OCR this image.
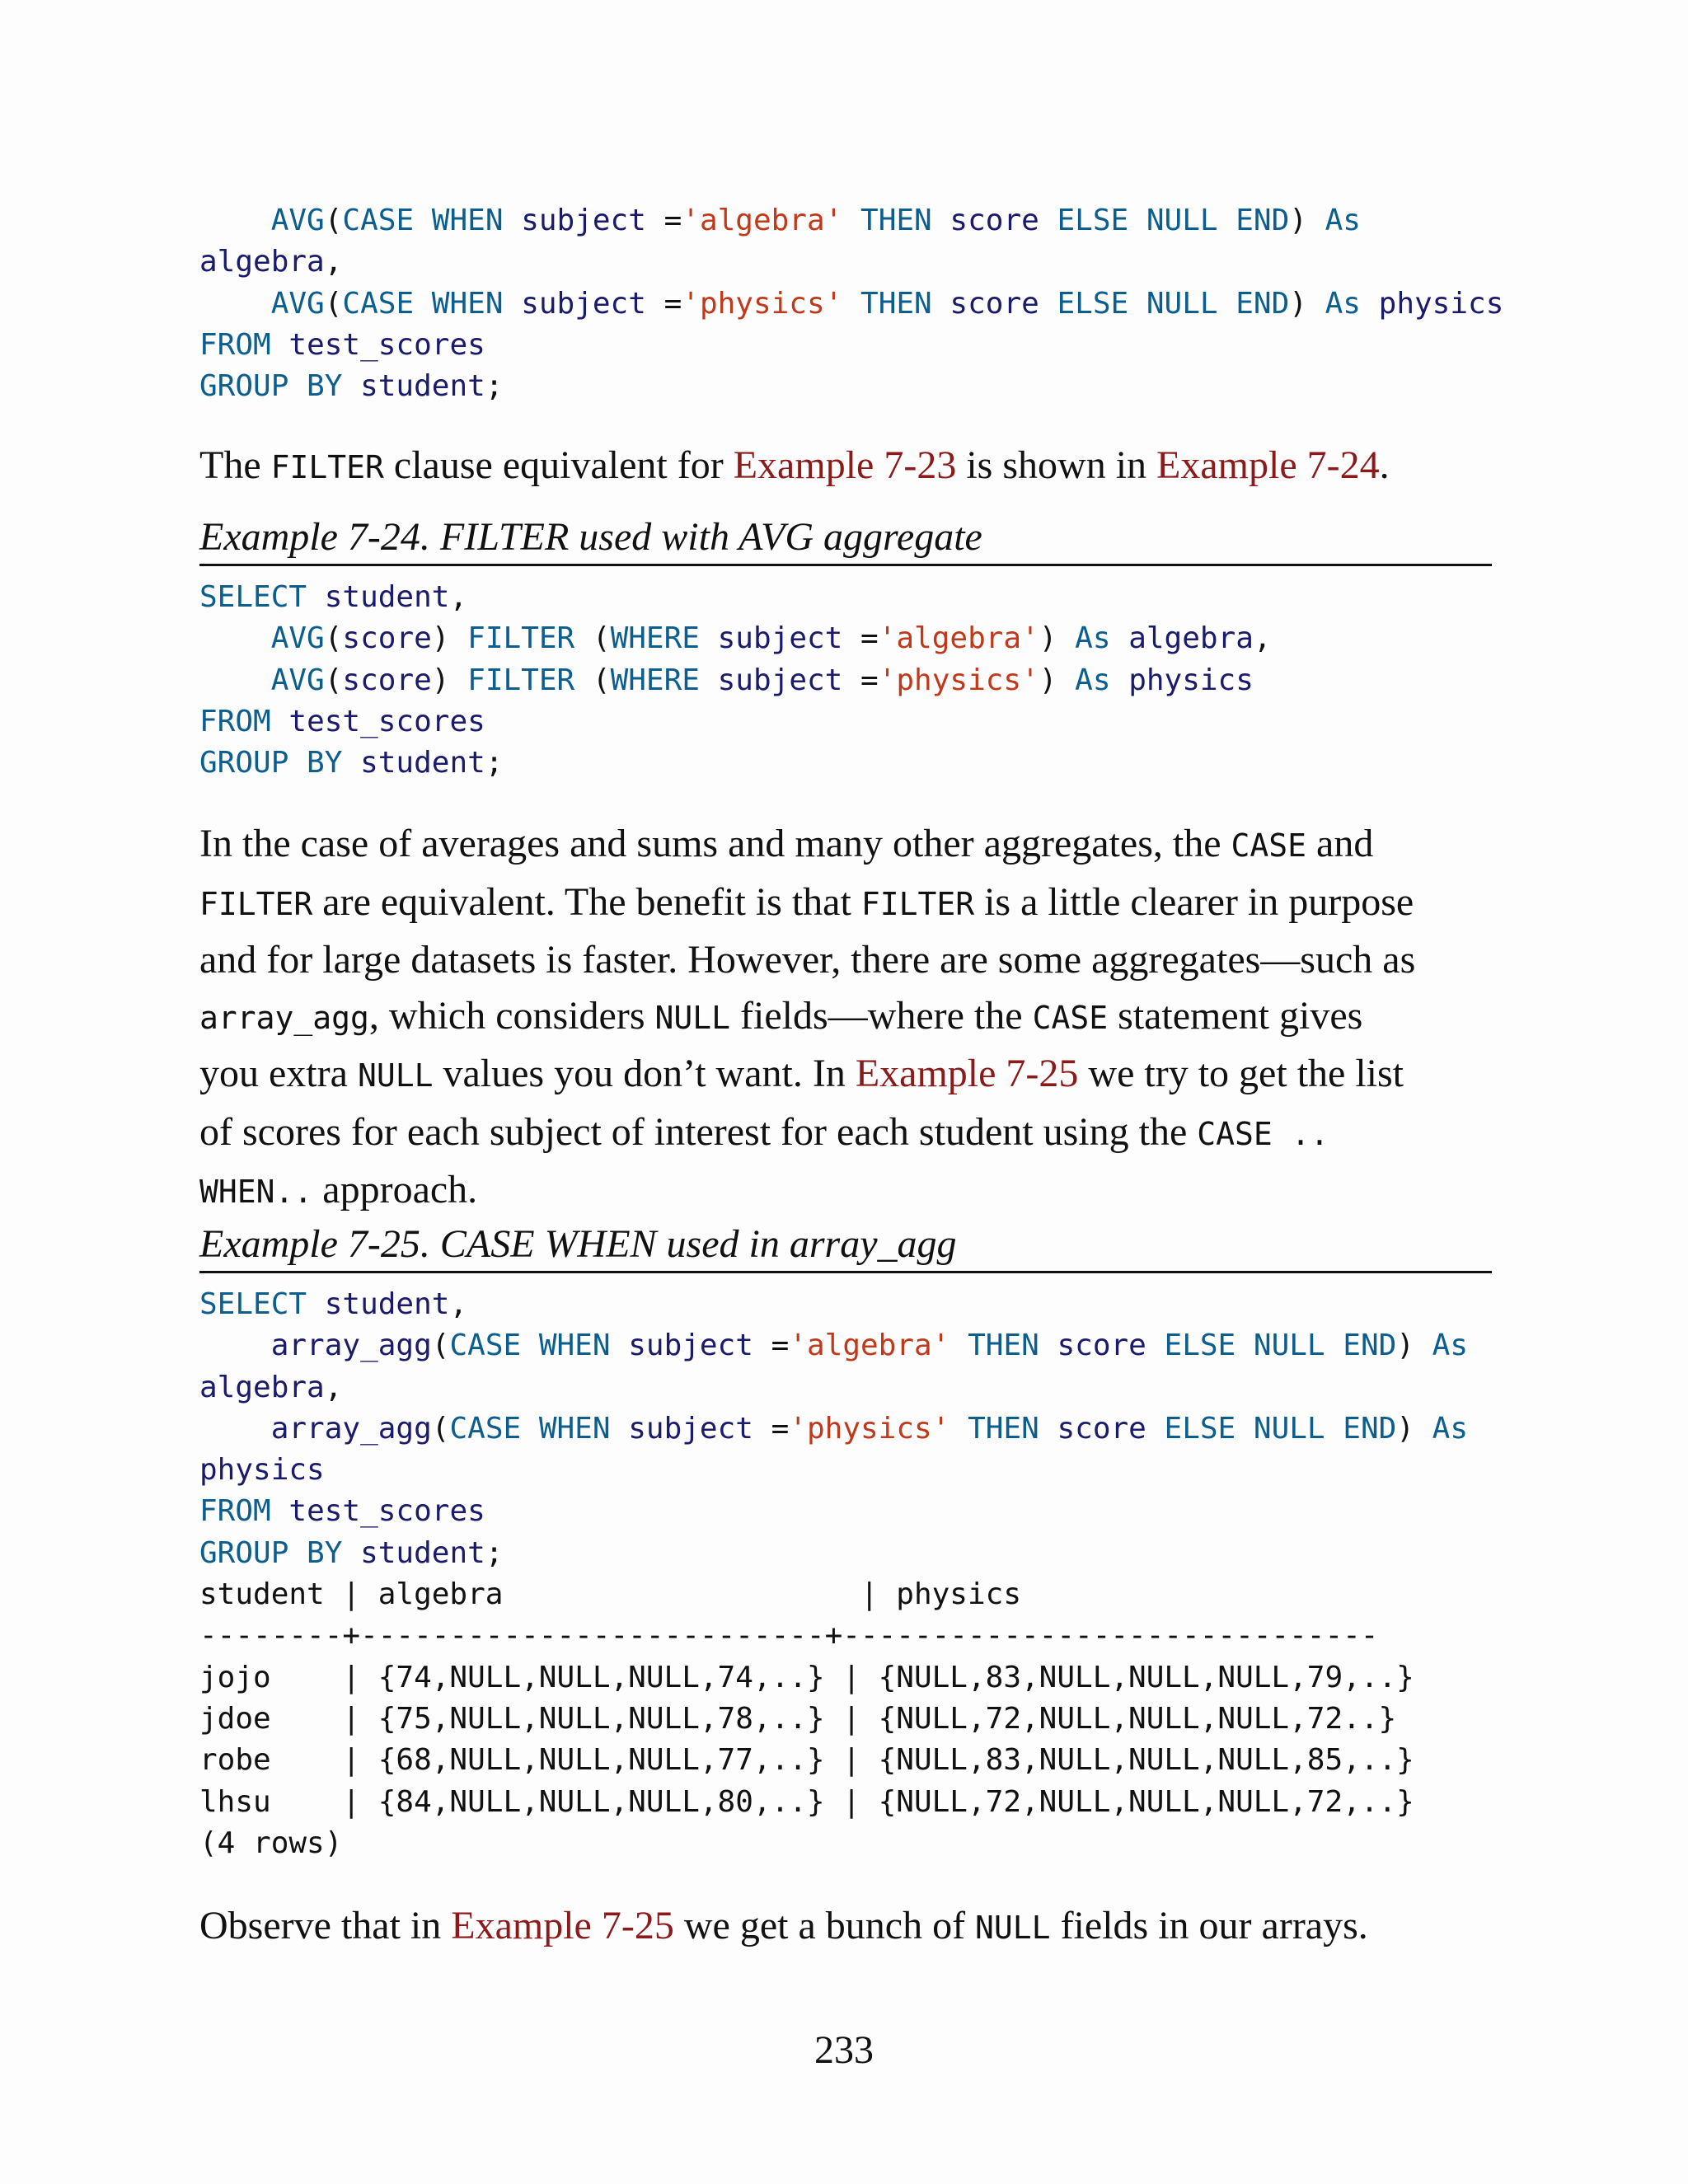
AVG(CASE WHEN subject ='algebra' THEN score ELSE NULL END) As
algebra,
AVG(CASE WHEN subject ='physics' THEN score ELSE NULL END) As physics
FROM test_scores
GROUP BY student;

The FILTER clause equivalent for Example 7-23 is shown in Example 7-24.

Example 7-24. FILTER used with AVG aggregate

SELECT student,
AVG(score) FILTER (WHERE subject ='algebra') As algebra,
AVG(score) FILTER (WHERE subject ='physics') As physics
FROM test_scores
GROUP BY student;
In the case of averages and sums and many other aggregates, the CASE and
FILTER are equivalent. The benefit is that FILTER is a little clearer in purpose
and for large datasets is faster. However, there are some aggregates—such as
array_agg, which considers NULL fields—where the CASE statement gives
you extra NULL values you don’t want. In Example 7-25 we try to get the list
of scores for each subject of interest for each student using the CASE ..
WHEN.. approach.

Example 7-25. CASE WHEN used in array_agg

SELECT student,
array_agg(CASE WHEN subject ='algebra' THEN score ELSE NULL END) As
algebra,
array_agg(CASE WHEN subject ='physics' THEN score ELSE NULL END) As
physics
FROM test_scores
GROUP BY student;
student | algebra                    | physics
--------+--------------------------+------------------------------
jojo    | {74,NULL,NULL,NULL,74,..} | {NULL,83,NULL,NULL,NULL,79,..}
jdoe    | {75,NULL,NULL,NULL,78,..} | {NULL,72,NULL,NULL,NULL,72..}
robe    | {68,NULL,NULL,NULL,77,..} | {NULL,83,NULL,NULL,NULL,85,..}
lhsu    | {84,NULL,NULL,NULL,80,..} | {NULL,72,NULL,NULL,NULL,72,..}
(4 rows)

Observe that in Example 7-25 we get a bunch of NULL fields in our arrays.

233
